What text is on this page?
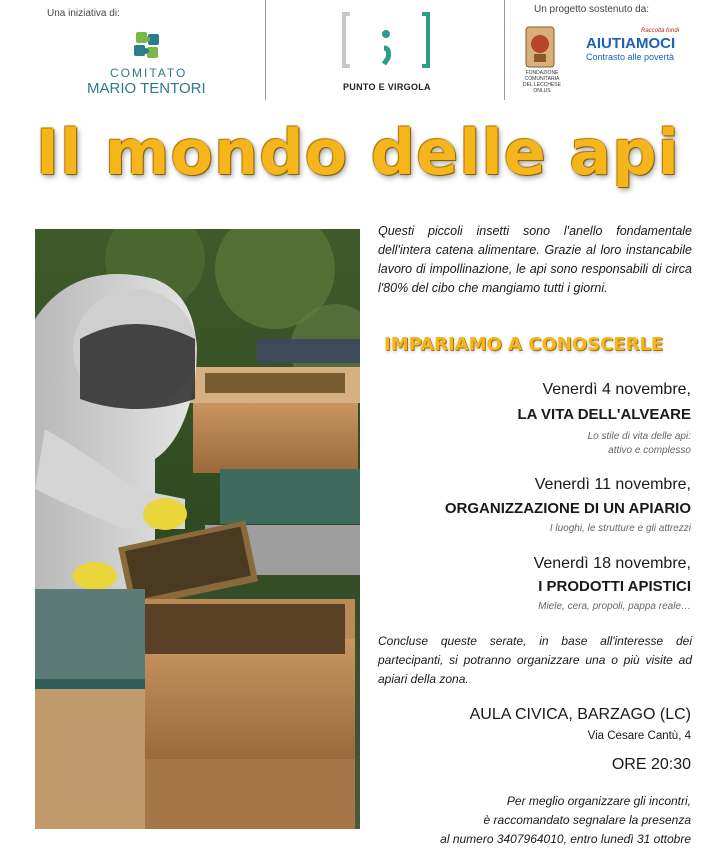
Una iniziativa di:
COMITATO
MARIO TENTORI	PUNTO E VIRGOLA
Un progetto sostenuto da:
FONDAZIONE COMUNITARIA DEL LECCHESE ONLUS
Raccolta fondi
AIUTIAMOCI
Contrasto alle povertà
Il mondo delle api
Questi piccoli insetti sono l'anello fondamentale dell'intera catena alimentare. Grazie al loro instancabile lavoro di impollinazione, le api sono responsabili di circa l'80% del cibo che mangiamo tutti i giorni.
IMPARIAMO A CONOSCERLE
Venerdì 4 novembre,
LA VITA DELL'ALVEARE
Lo stile di vita delle api:
attivo e complesso
Venerdì 11 novembre,
ORGANIZZAZIONE DI UN APIARIO
I luoghi, le strutture e gli attrezzi
Venerdì 18 novembre,
I PRODOTTI APISTICI
Miele, cera, propoli, pappa reale…
Concluse queste serate, in base all'interesse dei partecipanti, si potranno organizzare una o più visite ad apiari della zona.
AULA CIVICA, BARZAGO (LC)
Via Cesare Cantù, 4
ORE 20:30
Per meglio organizzare gli incontri,
è raccomandato segnalare la presenza
al numero 3407964010, entro lunedì 31 ottobre
